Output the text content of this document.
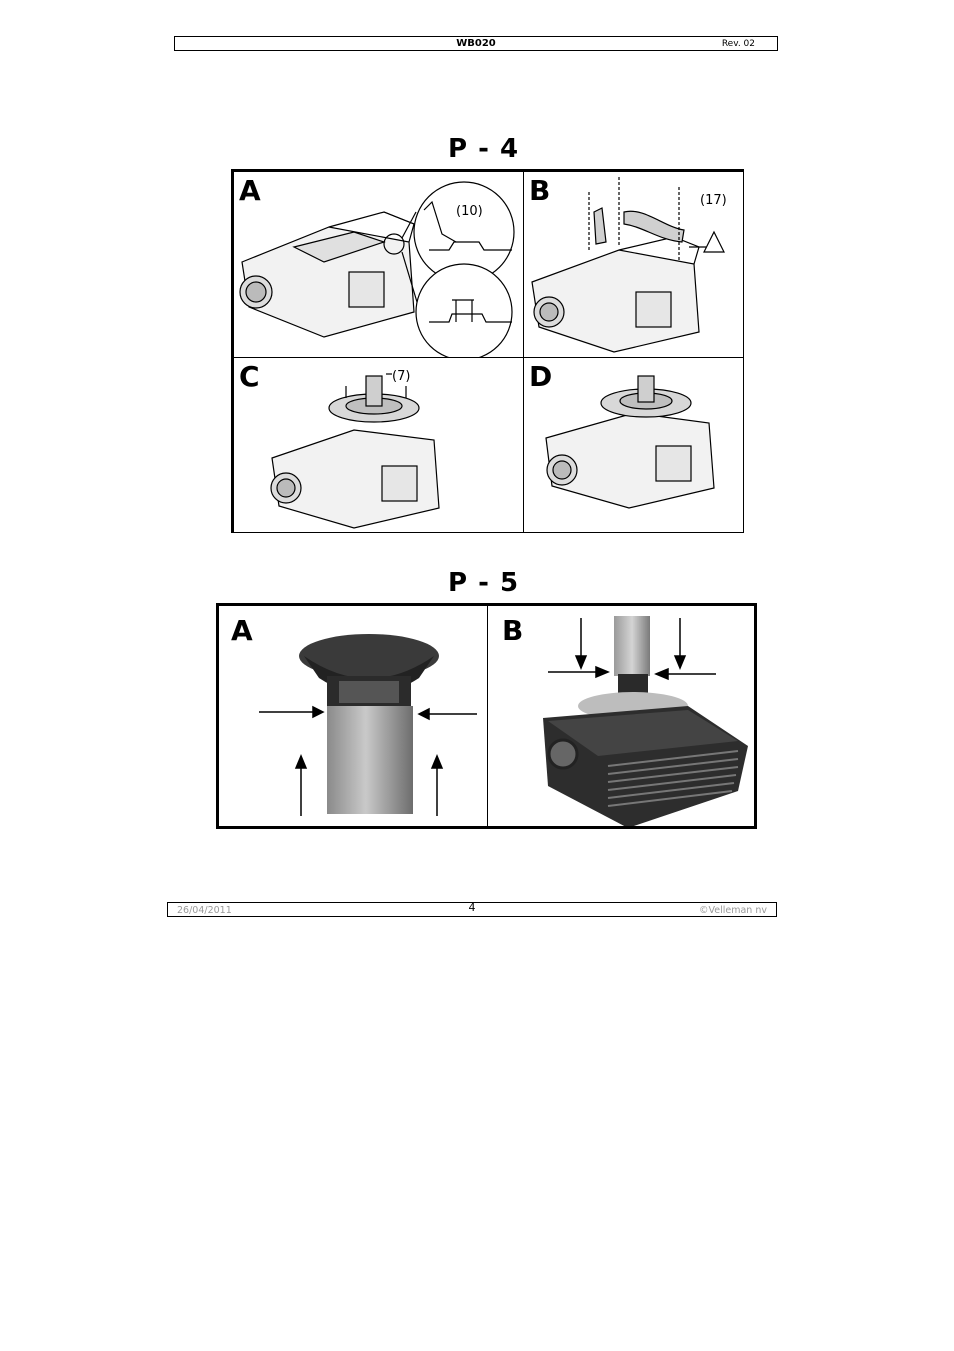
WB020	Rev. 02
P - 4
A
(10)
B	(17)
C	(7)	D
P - 5
A	B
26/04/2011	4	©Velleman nv
